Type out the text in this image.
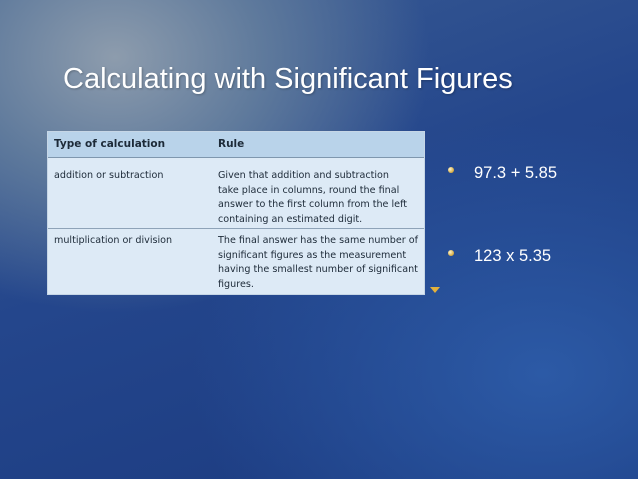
Calculating with Significant Figures
Type of calculation	Rule
addition or subtraction	Given that addition and subtraction
take place in columns, round the final
answer to the first column from the left
containing an estimated digit.
multiplication or division	The final answer has the same number of
significant figures as the measurement
having the smallest number of significant
figures.
97.3 + 5.85
123 x 5.35
